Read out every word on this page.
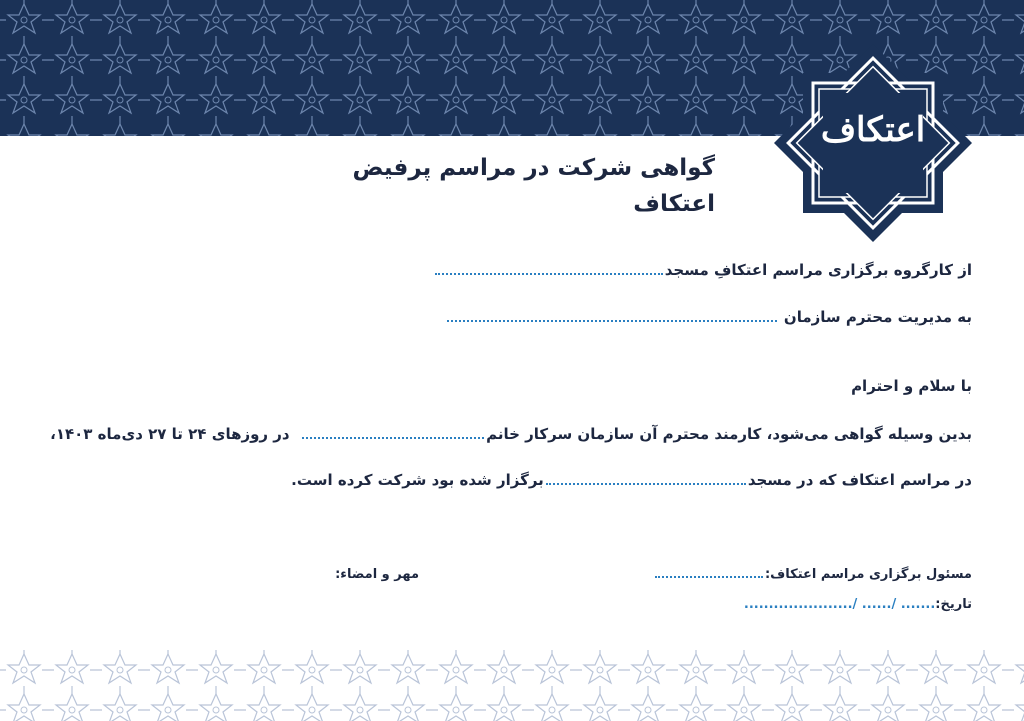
اعتکاف
گواهی شرکت در مراسم پرفیض اعتکاف
از کارگروه برگزاری مراسم اعتکافِ مسجد
به مدیریت محترم سازمان
با سلام و احترام
بدین وسیله گواهی می‌شود، کارمند محترم آن سازمان سرکار خانم  در روزهای ۲۴ تا ۲۷ دی‌ماه ۱۴۰۳،
در مراسم اعتکاف که در مسجدبرگزار شده بود شرکت کرده است.
مسئول برگزاری مراسم اعتکاف:
تاریخ:....... /...... /......................
مهر و امضاء:
